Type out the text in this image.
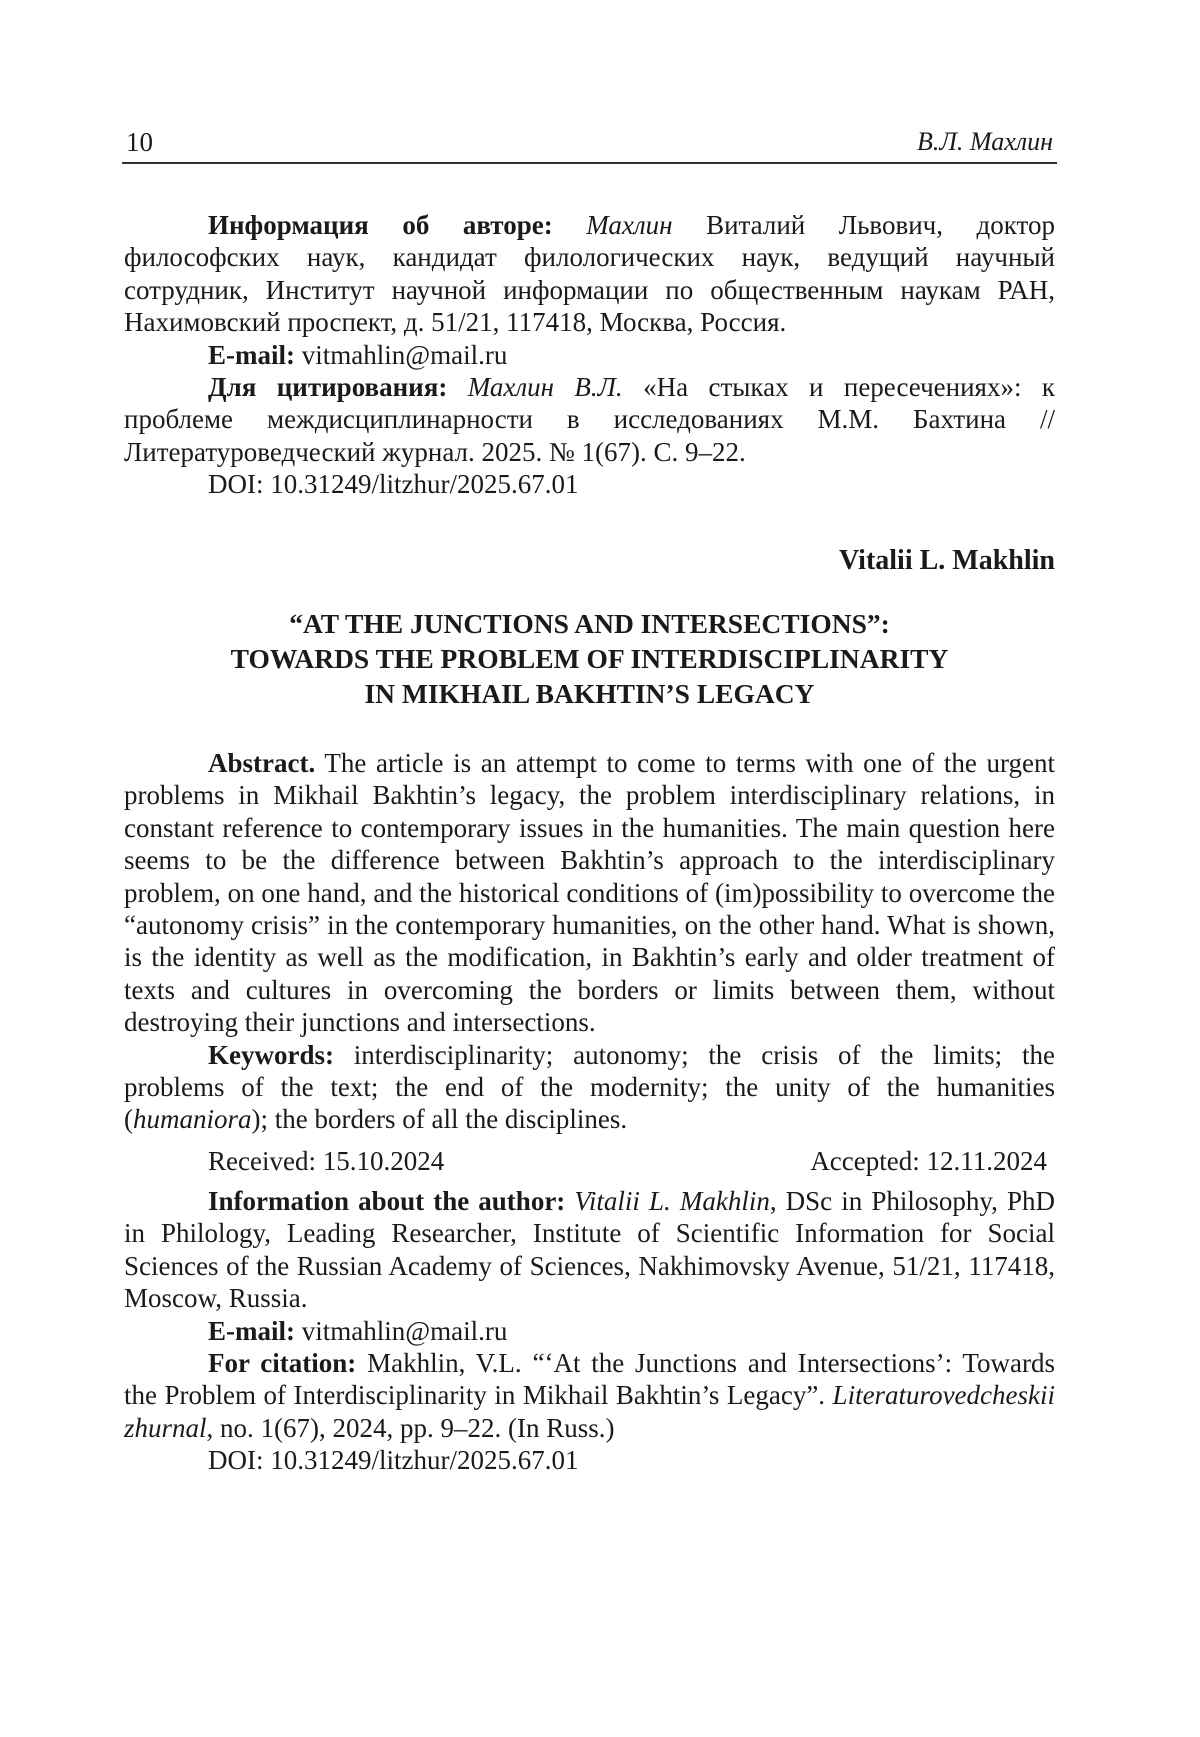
10	В.Л. Махлин

Информация об авторе: Махлин Виталий Львович, доктор философских наук, кандидат филологических наук, ведущий научный сотрудник, Институт научной информации по общественным наукам РАН, Нахимовский проспект, д. 51/21, 117418, Москва, Россия.

E-mail: vitmahlin@mail.ru

Для цитирования: Махлин В.Л. «На стыках и пересечениях»: к проблеме междисциплинарности в исследованиях М.М. Бахтина // Литературоведческий журнал. 2025. № 1(67). С. 9–22.

DOI: 10.31249/litzhur/2025.67.01

Vitalii L. Makhlin

“AT THE JUNCTIONS AND INTERSECTIONS”:

TOWARDS THE PROBLEM OF INTERDISCIPLINARITY

IN MIKHAIL BAKHTIN’S LEGACY

Abstract. The article is an attempt to come to terms with one of the urgent problems in Mikhail Bakhtin’s legacy, the problem interdisciplinary relations, in constant reference to contemporary issues in the humanities. The main question here seems to be the difference between Bakhtin’s approach to the interdisciplinary problem, on one hand, and the historical conditions of (im)possibility to overcome the “autonomy crisis” in the contemporary humanities, on the other hand. What is shown, is the identity as well as the modification, in Bakhtin’s early and older treatment of texts and cultures in overcoming the borders or limits between them, without destroying their junctions and intersections.

Keywords: interdisciplinarity; autonomy; the crisis of the limits; the problems of the text; the end of the modernity; the unity of the humanities (humaniora); the borders of all the disciplines.

Received: 15.10.2024	Accepted: 12.11.2024

Information about the author: Vitalii L. Makhlin, DSc in Philosophy, PhD in Philology, Leading Researcher, Institute of Scientific Information for Social Sciences of the Russian Academy of Sciences, Nakhimovsky Avenue, 51/21, 117418, Moscow, Russia.

E-mail: vitmahlin@mail.ru

For citation: Makhlin, V.L. “‘At the Junctions and Intersections’: Towards the Problem of Interdisciplinarity in Mikhail Bakhtin’s Legacy”. Literaturovedcheskii zhurnal, no. 1(67), 2024, pp. 9–22. (In Russ.)

DOI: 10.31249/litzhur/2025.67.01
